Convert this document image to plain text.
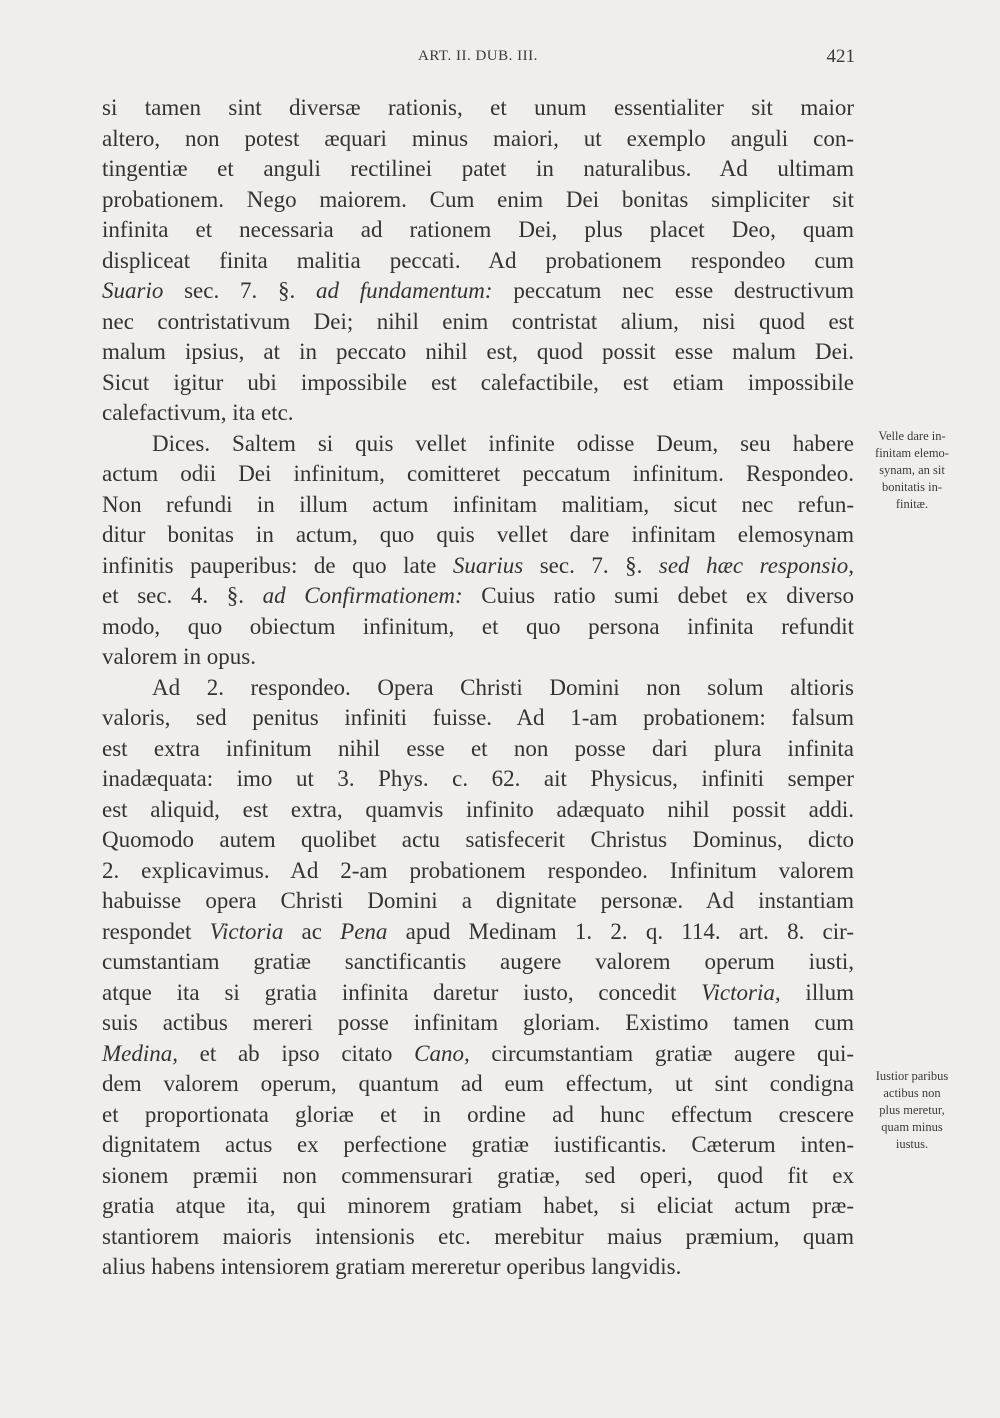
ART. II. DUB. III.	421
si tamen sint diversæ rationis, et unum essentialiter sit maior
altero, non potest æquari minus maiori, ut exemplo anguli con-
tingentiæ et anguli rectilinei patet in naturalibus. Ad ultimam
probationem. Nego maiorem. Cum enim Dei bonitas simpliciter sit
infinita et necessaria ad rationem Dei, plus placet Deo, quam
displiceat finita malitia peccati. Ad probationem respondeo cum
Suario sec. 7. §. ad fundamentum: peccatum nec esse destructivum
nec contristativum Dei; nihil enim contristat alium, nisi quod est
malum ipsius, at in peccato nihil est, quod possit esse malum Dei.
Sicut igitur ubi impossibile est calefactibile, est etiam impossibile
calefactivum, ita etc.
Dices. Saltem si quis vellet infinite odisse Deum, seu habere
actum odii Dei infinitum, comitteret peccatum infinitum. Respondeo.
Non refundi in illum actum infinitam malitiam, sicut nec refun-
ditur bonitas in actum, quo quis vellet dare infinitam elemosynam
infinitis pauperibus: de quo late Suarius sec. 7. §. sed hæc responsio,
et sec. 4. §. ad Confirmationem: Cuius ratio sumi debet ex diverso
modo, quo obiectum infinitum, et quo persona infinita refundit
valorem in opus.
Ad 2. respondeo. Opera Christi Domini non solum altioris
valoris, sed penitus infiniti fuisse. Ad 1-am probationem: falsum
est extra infinitum nihil esse et non posse dari plura infinita
inadæquata: imo ut 3. Phys. c. 62. ait Physicus, infiniti semper
est aliquid, est extra, quamvis infinito adæquato nihil possit addi.
Quomodo autem quolibet actu satisfecerit Christus Dominus, dicto
2. explicavimus. Ad 2-am probationem respondeo. Infinitum valorem
habuisse opera Christi Domini a dignitate personæ. Ad instantiam
respondet Victoria ac Pena apud Medinam 1. 2. q. 114. art. 8. cir-
cumstantiam gratiæ sanctificantis augere valorem operum iusti,
atque ita si gratia infinita daretur iusto, concedit Victoria, illum
suis actibus mereri posse infinitam gloriam. Existimo tamen cum
Medina, et ab ipso citato Cano, circumstantiam gratiæ augere qui-
dem valorem operum, quantum ad eum effectum, ut sint condigna
et proportionata gloriæ et in ordine ad hunc effectum crescere
dignitatem actus ex perfectione gratiæ iustificantis. Cæterum inten-
sionem præmii non commensurari gratiæ, sed operi, quod fit ex
gratia atque ita, qui minorem gratiam habet, si eliciat actum præ-
stantiorem maioris intensionis etc. merebitur maius præmium, quam
alius habens intensiorem gratiam mereretur operibus langvidis.
Velle dare in-
finitam elemo-
synam, an sit
bonitatis in-
finitæ.
Iustior paribus
actibus non
plus meretur,
quam minus
iustus.
